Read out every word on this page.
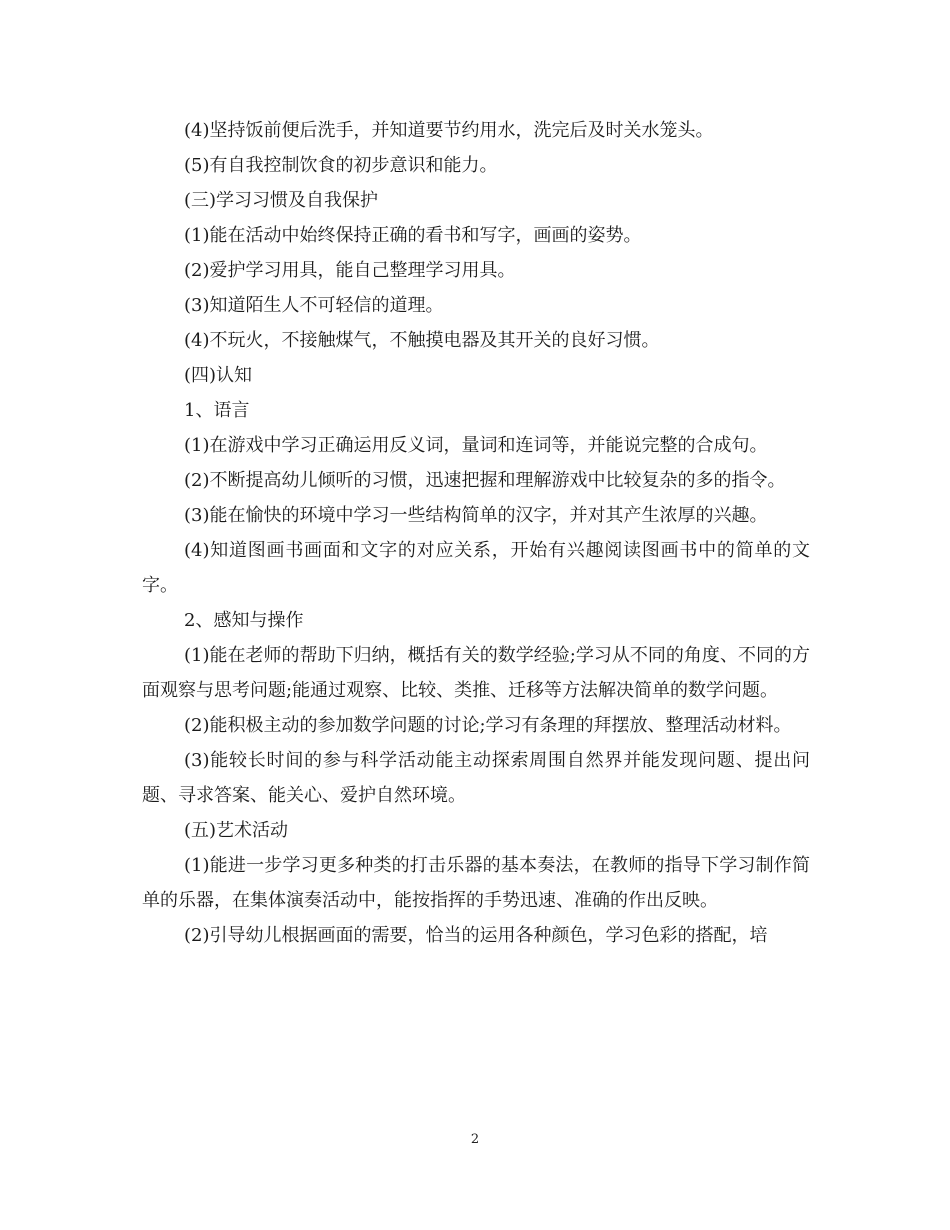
(4)坚持饭前便后洗手，并知道要节约用水，洗完后及时关水笼头。

(5)有自我控制饮食的初步意识和能力。

(三)学习习惯及自我保护

(1)能在活动中始终保持正确的看书和写字，画画的姿势。

(2)爱护学习用具，能自己整理学习用具。

(3)知道陌生人不可轻信的道理。

(4)不玩火，不接触煤气，不触摸电器及其开关的良好习惯。

(四)认知

1、语言

(1)在游戏中学习正确运用反义词，量词和连词等，并能说完整的合成句。

(2)不断提高幼儿倾听的习惯，迅速把握和理解游戏中比较复杂的多的指令。

(3)能在愉快的环境中学习一些结构简单的汉字，并对其产生浓厚的兴趣。

(4)知道图画书画面和文字的对应关系，开始有兴趣阅读图画书中的简单的文字。

2、感知与操作

(1)能在老师的帮助下归纳，概括有关的数学经验;学习从不同的角度、不同的方面观察与思考问题;能通过观察、比较、类推、迁移等方法解决简单的数学问题。

(2)能积极主动的参加数学问题的讨论;学习有条理的拜摆放、整理活动材料。

(3)能较长时间的参与科学活动能主动探索周围自然界并能发现问题、提出问题、寻求答案、能关心、爱护自然环境。

(五)艺术活动

(1)能进一步学习更多种类的打击乐器的基本奏法，在教师的指导下学习制作简单的乐器，在集体演奏活动中，能按指挥的手势迅速、准确的作出反映。

(2)引导幼儿根据画面的需要，恰当的运用各种颜色，学习色彩的搭配，培

2
